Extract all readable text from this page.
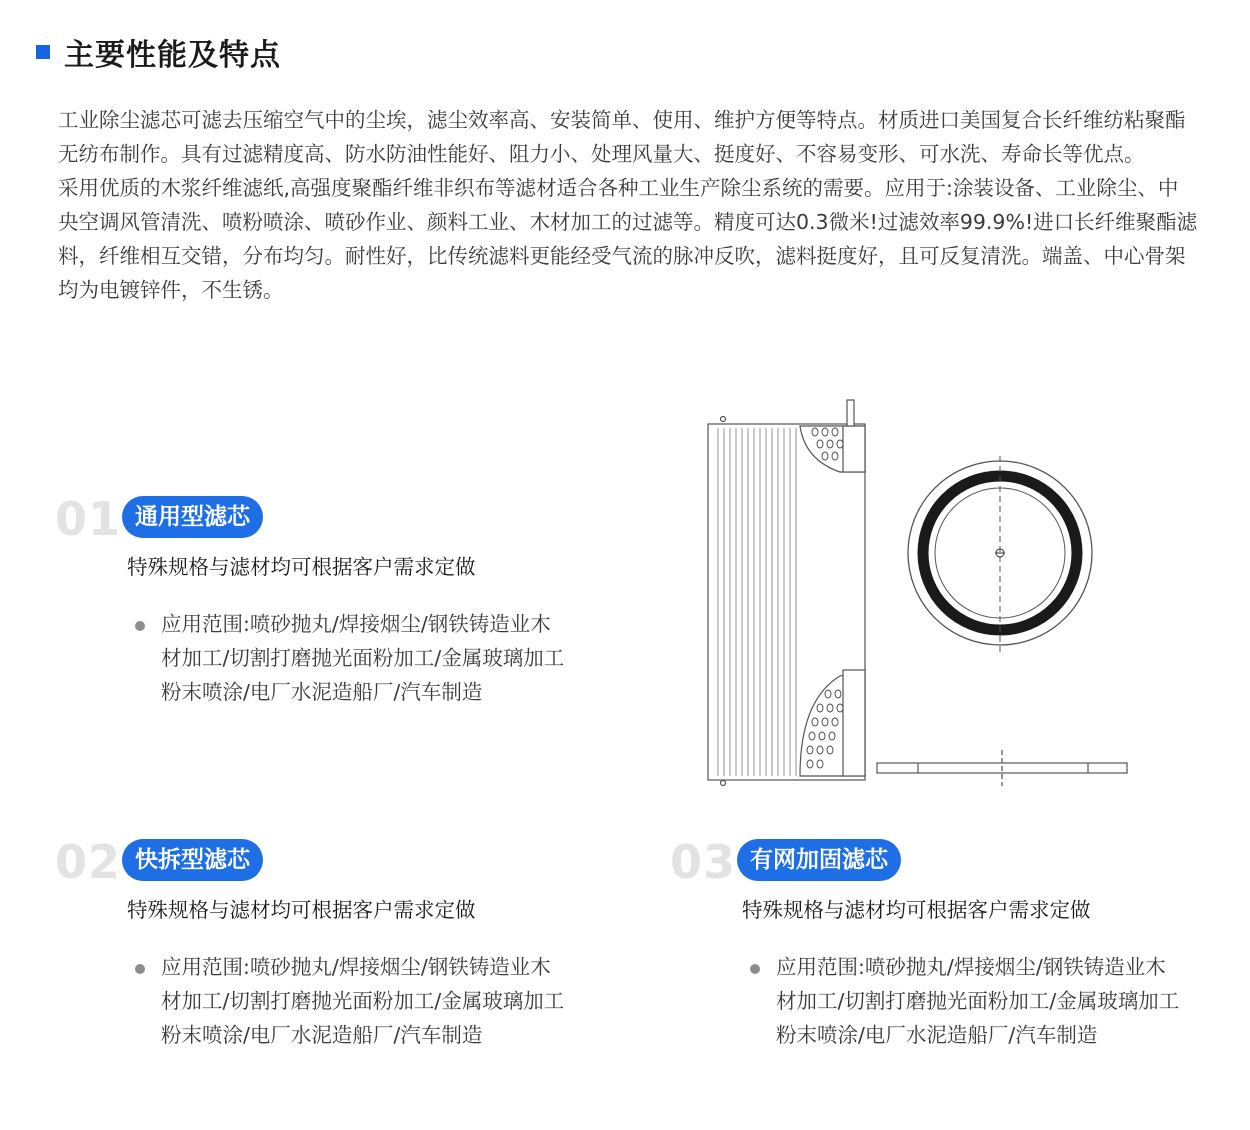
主要性能及特点

工业除尘滤芯可滤去压缩空气中的尘埃，滤尘效率高、安装简单、使用、维护方便等特点。材质进口美国复合长纤维纺粘聚酯无纺布制作。具有过滤精度高、防水防油性能好、阻力小、处理风量大、挺度好、不容易变形、可水洗、寿命长等优点。

采用优质的木浆纤维滤纸,高强度聚酯纤维非织布等滤材适合各种工业生产除尘系统的需要。应用于:涂装设备、工业除尘、中央空调风管清洗、喷粉喷涂、喷砂作业、颜料工业、木材加工的过滤等。精度可达0.3微米!过滤效率99.9%!进口长纤维聚酯滤料，纤维相互交错，分布均匀。耐性好，比传统滤料更能经受气流的脉冲反吹，滤料挺度好，且可反复清洗。端盖、中心骨架均为电镀锌件，不生锈。

01 通用型滤芯
特殊规格与滤材均可根据客户需求定做
应用范围:喷砂抛丸/焊接烟尘/钢铁铸造业木材加工/切割打磨抛光面粉加工/金属玻璃加工粉末喷涂/电厂水泥造船厂/汽车制造
02 快拆型滤芯
特殊规格与滤材均可根据客户需求定做
应用范围:喷砂抛丸/焊接烟尘/钢铁铸造业木材加工/切割打磨抛光面粉加工/金属玻璃加工粉末喷涂/电厂水泥造船厂/汽车制造
03 有网加固滤芯
特殊规格与滤材均可根据客户需求定做
应用范围:喷砂抛丸/焊接烟尘/钢铁铸造业木材加工/切割打磨抛光面粉加工/金属玻璃加工粉末喷涂/电厂水泥造船厂/汽车制造
